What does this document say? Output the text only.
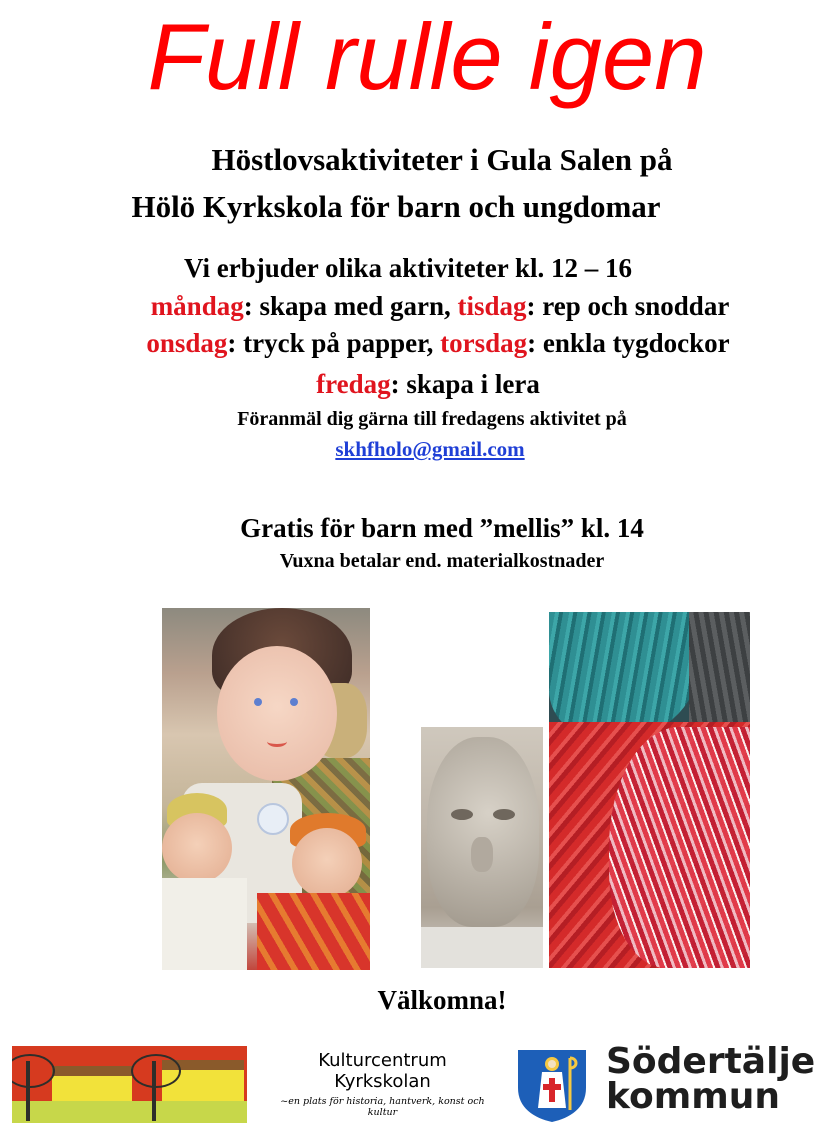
Full rulle igen
Höstlovsaktiviteter i Gula Salen på
Hölö Kyrkskola för barn och ungdomar
Vi erbjuder olika aktiviteter kl. 12 – 16
måndag: skapa med garn, tisdag: rep och snoddar
onsdag: tryck på papper, torsdag: enkla tygdockor
fredag: skapa i lera
Föranmäl dig gärna till fredagens aktivitet på
skhfholo@gmail.com
Gratis för barn med ”mellis” kl. 14
Vuxna betalar end. materialkostnader
Välkomna!
Kulturcentrum
Kyrkskolan
~en plats för historia, hantverk, konst och kultur
Södertälje
kommun
